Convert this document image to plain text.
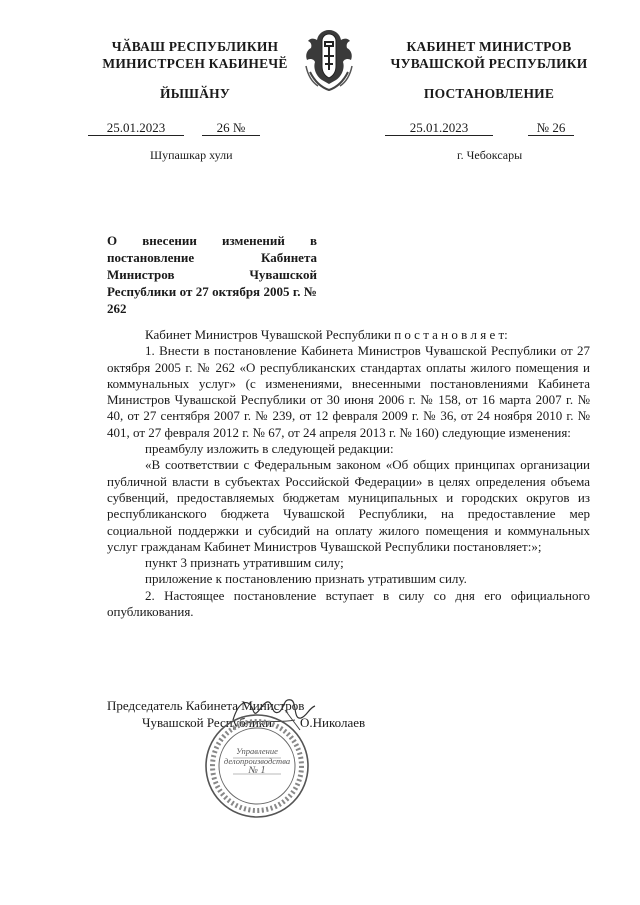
ЧӐВАШ РЕСПУБЛИКИН
МИНИСТРСЕН КАБИНЕЧӖ
ЙЫШӐНУ
КАБИНЕТ МИНИСТРОВ
ЧУВАШСКОЙ РЕСПУБЛИКИ
ПОСТАНОВЛЕНИЕ
25.01.2023	26 №	25.01.2023	№ 26
Шупашкар хули	г. Чебоксары
О внесении изменений в постановление Кабинета Министров Чувашской Республики от 27 октября 2005 г. № 262

Кабинет Министров Чувашской Республики п о с т а н о в л я е т:

1. Внести в постановление Кабинета Министров Чувашской Республики от 27 октября 2005 г. № 262 «О республиканских стандартах оплаты жилого помещения и коммунальных услуг» (с изменениями, внесенными постановлениями Кабинета Министров Чувашской Республики от 30 июня 2006 г. № 158, от 16 марта 2007 г. № 40, от 27 сентября 2007 г. № 239, от 12 февраля 2009 г. № 36, от 24 ноября 2010 г. № 401, от 27 февраля 2012 г. № 67, от 24 апреля 2013 г. № 160) следующие изменения:

преамбулу изложить в следующей редакции:

«В соответствии с Федеральным законом «Об общих принципах организации публичной власти в субъектах Российской Федерации» в целях определения объема субвенций, предоставляемых бюджетам муниципальных и городских округов из республиканского бюджета Чувашской Республики, на предоставление мер социальной поддержки и субсидий на оплату жилого помещения и коммунальных услуг гражданам Кабинет Министров Чувашской Республики постановляет:»;

пункт 3 признать утратившим силу;

приложение к постановлению признать утратившим силу.

2. Настоящее постановление вступает в силу со дня его официального опубликования.

Председатель Кабинета Министров
Чувашской Республики О.Николаев
Управление
делопроизводства
№ 1
